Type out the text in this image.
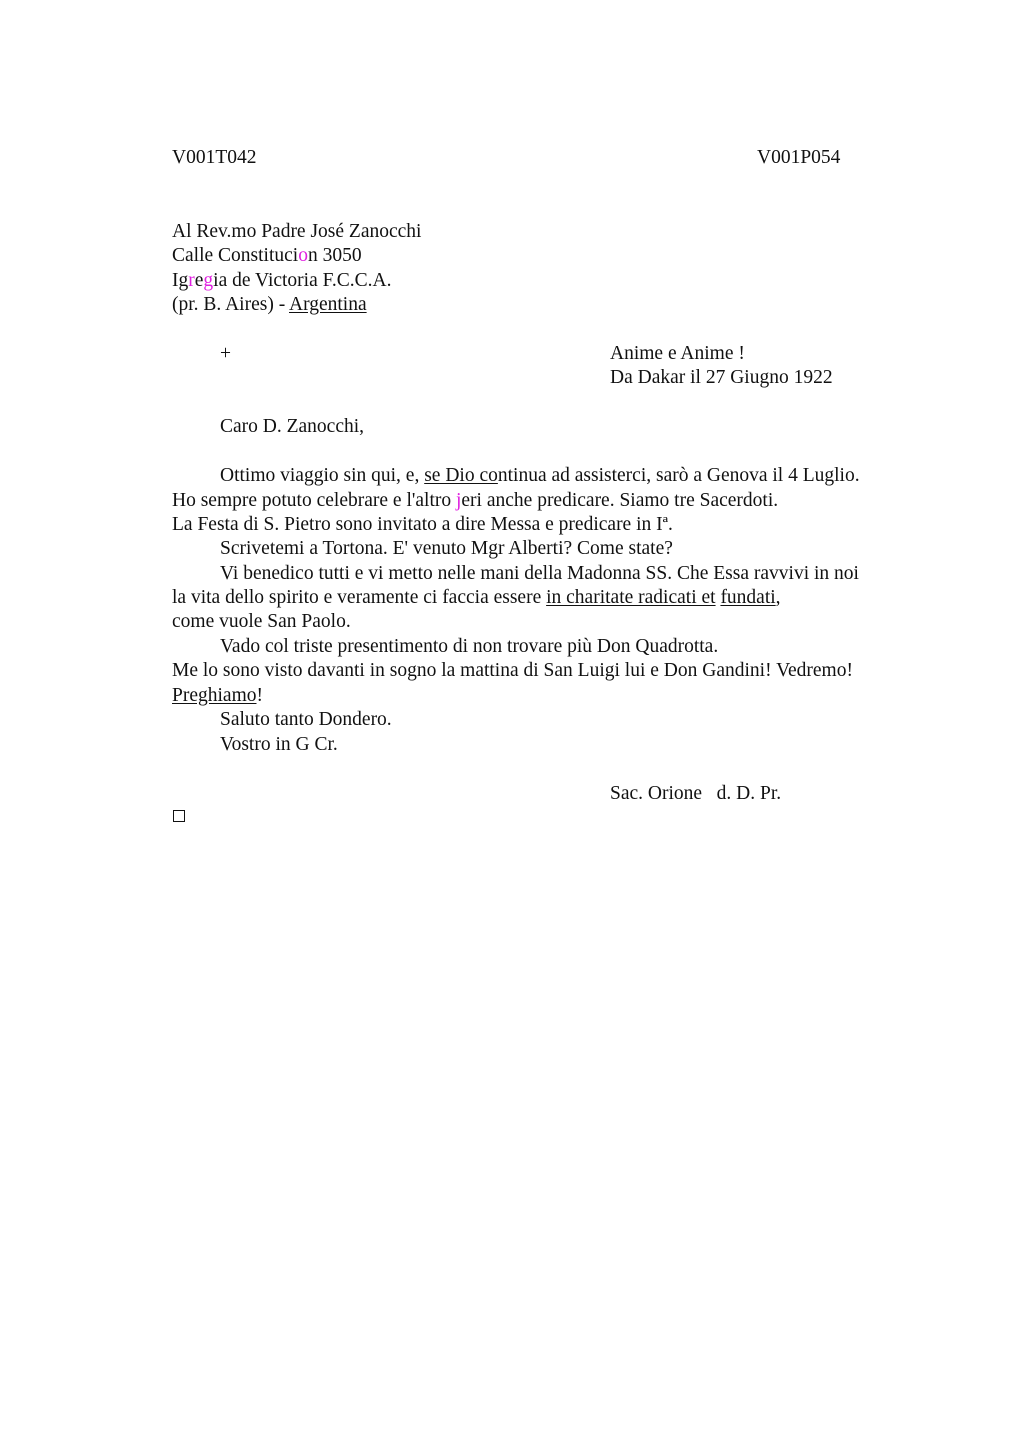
V001T042	V001P054
Al Rev.mo Padre José Zanocchi
Calle Constitucion 3050
Igregia de Victoria F.C.C.A.
(pr. B. Aires) - Argentina
+	Anime e Anime !
Da Dakar il 27 Giugno 1922
Caro D. Zanocchi,
Ottimo viaggio sin qui, e, se Dio continua ad assisterci, sarò a Genova il 4 Luglio.
Ho sempre potuto celebrare e l'altro jeri anche predicare. Siamo tre Sacerdoti.
La Festa di S. Pietro sono invitato a dire Messa e predicare in Iª.
Scrivetemi a Tortona. E' venuto Mgr Alberti? Come state?
Vi benedico tutti e vi metto nelle mani della Madonna SS. Che Essa ravvivi in noi
la vita dello spirito e veramente ci faccia essere in charitate radicati et fundati,
come vuole San Paolo.
Vado col triste presentimento di non trovare più Don Quadrotta.
Me lo sono visto davanti in sogno la mattina di San Luigi lui e Don Gandini! Vedremo!
Preghiamo!
Saluto tanto Dondero.
Vostro in G Cr.
Sac. Orione   d. D. Pr.
